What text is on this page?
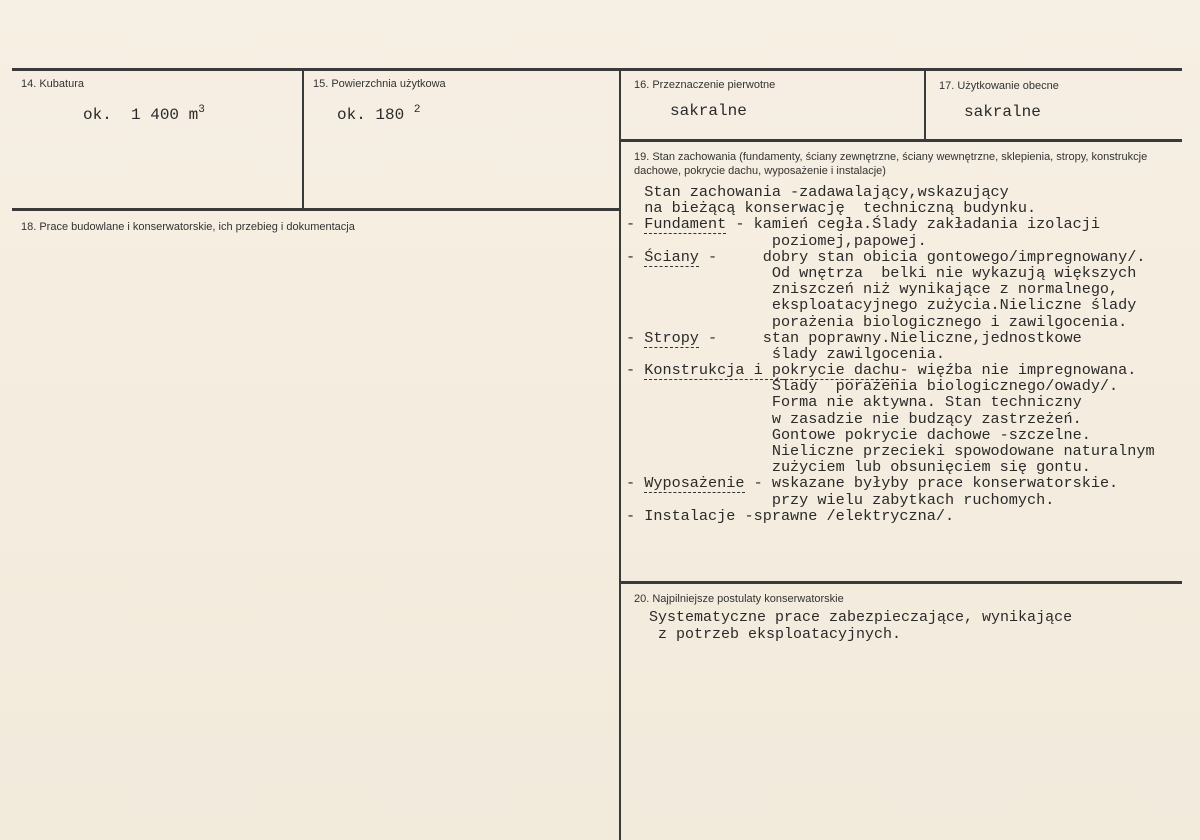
14. Kubatura
ok.  1 400 $m^3$
15. Powierzchnia użytkowa
ok. 180 $^2$
16. Przeznaczenie pierwotne
sakralne
17. Użytkowanie obecne
sakralne
18. Prace budowlane i konserwatorskie, ich przebieg i dokumentacja
19. Stan zachowania (fundamenty, ściany zewnętrzne, ściany wewnętrzne, sklepienia, stropy, konstrukcje dachowe, pokrycie dachu, wyposażenie i instalacje)
Stan zachowania -zadawalający,wskazujący
na bieżącą konserwację  techniczną budynku.
- Fundament - kamień cegła.Ślady zakładania izolacji
poziomej,papowej.
- Ściany -     dobry stan obicia gontowego/impregnowany/.
Od wnętrza  belki nie wykazują większych
zniszczeń niż wynikające z normalnego,
eksploatacyjnego zużycia.Nieliczne ślady
porażenia biologicznego i zawilgocenia.
- Stropy -     stan poprawny.Nieliczne,jednostkowe
ślady zawilgocenia.
- Konstrukcja i pokrycie dachu- więźba nie impregnowana.
Ślady  porażenia biologicznego/owady/.
Forma nie aktywna. Stan techniczny
w zasadzie nie budzący zastrzeżeń.
Gontowe pokrycie dachowe -szczelne.
Nieliczne przecieki spowodowane naturalnym
zużyciem lub obsunięciem się gontu.
- Wyposażenie - wskazane byłyby prace konserwatorskie.
przy wielu zabytkach ruchomych.
- Instalacje -sprawne /elektryczna/.
20. Najpilniejsze postulaty konserwatorskie
Systematyczne prace zabezpieczające, wynikające
z potrzeb eksploatacyjnych.
